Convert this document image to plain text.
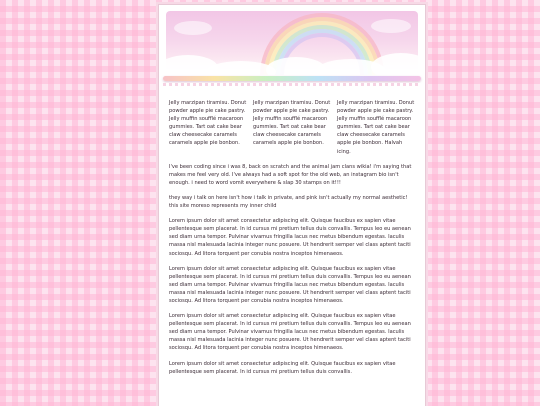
Jelly marzipan tiramisu. Donut powder apple pie cake pastry. Jelly muffin soufflé macaroon gummies. Tart oat cake bear claw cheesecake caramels caramels apple pie bonbon.
Jelly marzipan tiramisu. Donut powder apple pie cake pastry. Jelly muffin soufflé macaroon gummies. Tart oat cake bear claw cheesecake caramels caramels apple pie bonbon.
Jelly marzipan tiramisu. Donut powder apple pie cake pastry. Jelly muffin soufflé macaroon gummies. Tart oat cake bear claw cheesecake caramels apple pie bonbon. Halvah icing.
I've been coding since i was 8, back on scratch and the animal jam clans wikia! i'm saying that makes me feel very old. I've always had a soft spot for the old web, an instagram bio isn't enough. i need to word vomit everywhere & slap 30 stamps on it!!!
they way i talk on here isn't how i talk in private, and pink isn't actually my normal aesthetic! this site moreso represents my inner child
Lorem ipsum dolor sit amet consectetur adipiscing elit. Quisque faucibus ex sapien vitae pellentesque sem placerat. In id cursus mi pretium tellus duis convallis. Tempus leo eu aenean sed diam urna tempor. Pulvinar vivamus fringilla lacus nec metus bibendum egestas. Iaculis massa nisl malesuada lacinia integer nunc posuere. Ut hendrerit semper vel class aptent taciti sociosqu. Ad litora torquent per conubia nostra inceptos himenaeos.
Lorem ipsum dolor sit amet consectetur adipiscing elit. Quisque faucibus ex sapien vitae pellentesque sem placerat. In id cursus mi pretium tellus duis convallis. Tempus leo eu aenean sed diam urna tempor. Pulvinar vivamus fringilla lacus nec metus bibendum egestas. Iaculis massa nisl malesuada lacinia integer nunc posuere. Ut hendrerit semper vel class aptent taciti sociosqu. Ad litora torquent per conubia nostra inceptos himenaeos.
Lorem ipsum dolor sit amet consectetur adipiscing elit. Quisque faucibus ex sapien vitae pellentesque sem placerat. In id cursus mi pretium tellus duis convallis. Tempus leo eu aenean sed diam urna tempor. Pulvinar vivamus fringilla lacus nec metus bibendum egestas. Iaculis massa nisl malesuada lacinia integer nunc posuere. Ut hendrerit semper vel class aptent taciti sociosqu. Ad litora torquent per conubia nostra inceptos himenaeos.
Lorem ipsum dolor sit amet consectetur adipiscing elit. Quisque faucibus ex sapien vitae pellentesque sem placerat. In id cursus mi pretium tellus duis convallis.
